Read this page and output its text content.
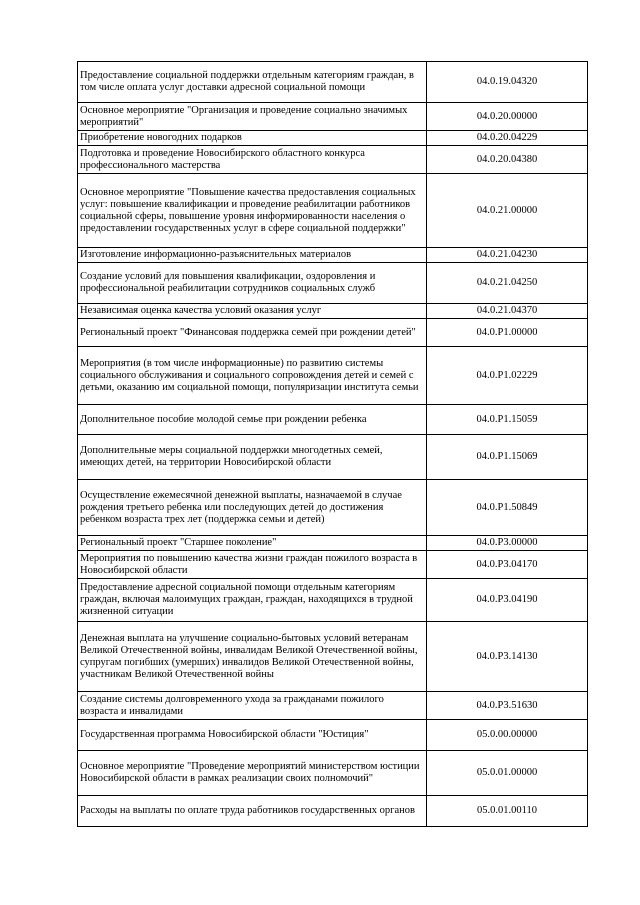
Предоставление социальной поддержки отдельным категориям граждан, в том числе оплата услуг доставки адресной социальной помощи	04.0.19.04320
Основное мероприятие "Организация и проведение социально значимых мероприятий"	04.0.20.00000
Приобретение новогодних подарков	04.0.20.04229
Подготовка и проведение Новосибирского областного конкурса профессионального мастерства	04.0.20.04380
Основное мероприятие "Повышение качества предоставления социальных услуг: повышение квалификации и проведение реабилитации работников социальной сферы, повышение уровня информированности населения о предоставлении государственных услуг в сфере социальной поддержки"	04.0.21.00000
Изготовление информационно-разъяснительных материалов	04.0.21.04230
Создание условий для повышения квалификации, оздоровления и профессиональной реабилитации сотрудников социальных служб	04.0.21.04250
Независимая оценка качества условий оказания услуг	04.0.21.04370
Региональный проект "Финансовая поддержка семей при рождении детей"	04.0.P1.00000
Мероприятия (в том числе информационные) по развитию системы социального обслуживания и социального сопровождения детей и семей с детьми, оказанию им социальной помощи, популяризации института семьи	04.0.P1.02229
Дополнительное пособие молодой семье при рождении ребенка	04.0.P1.15059
Дополнительные меры социальной поддержки многодетных семей, имеющих детей, на территории Новосибирской области	04.0.P1.15069
Осуществление ежемесячной денежной выплаты, назначаемой в случае рождения третьего ребенка или последующих детей до достижения ребенком возраста трех лет (поддержка семьи и детей)	04.0.P1.50849
Региональный проект "Старшее поколение"	04.0.P3.00000
Мероприятия по повышению качества жизни граждан пожилого возраста в Новосибирской области	04.0.P3.04170
Предоставление адресной социальной помощи отдельным категориям граждан, включая малоимущих граждан, граждан, находящихся в трудной жизненной ситуации	04.0.P3.04190
Денежная выплата на улучшение социально-бытовых условий ветеранам Великой Отечественной войны, инвалидам Великой Отечественной войны, супругам погибших (умерших) инвалидов Великой Отечественной войны, участникам Великой Отечественной войны	04.0.P3.14130
Создание системы долговременного ухода за гражданами пожилого возраста и инвалидами	04.0.P3.51630
Государственная программа Новосибирской области "Юстиция"	05.0.00.00000
Основное мероприятие "Проведение мероприятий министерством юстиции Новосибирской области в рамках реализации своих полномочий"	05.0.01.00000
Расходы на выплаты по оплате труда работников государственных органов	05.0.01.00110
